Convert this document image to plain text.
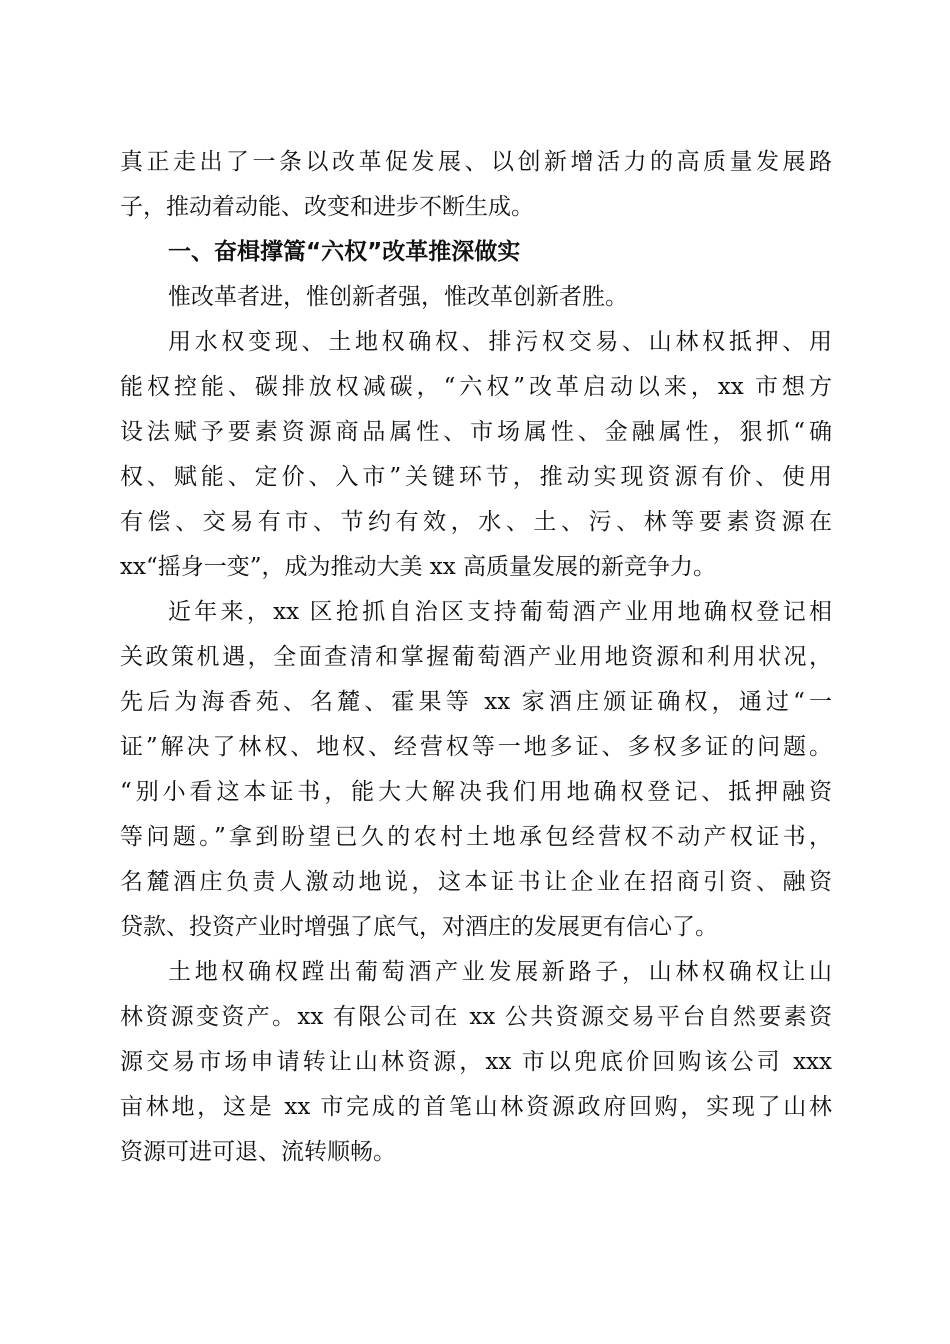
真正走出了一条以改革促发展、以创新增活力的高质量发展路
子，推动着动能、改变和进步不断生成。
一、奋楫撑篙“六权”改革推深做实
惟改革者进，惟创新者强，惟改革创新者胜。
用水权变现、土地权确权、排污权交易、山林权抵押、用
能权控能、碳排放权减碳，“六权”改革启动以来，xx 市想方
设法赋予要素资源商品属性、市场属性、金融属性，狠抓“确
权、赋能、定价、入市”关键环节，推动实现资源有价、使用
有偿、交易有市、节约有效，水、土、污、林等要素资源在
xx“摇身一变”，成为推动大美 xx 高质量发展的新竞争力。
近年来，xx 区抢抓自治区支持葡萄酒产业用地确权登记相
关政策机遇，全面查清和掌握葡萄酒产业用地资源和利用状况，
先后为海香苑、名麓、霍果等 xx 家酒庄颁证确权，通过“一
证”解决了林权、地权、经营权等一地多证、多权多证的问题。
“别小看这本证书，能大大解决我们用地确权登记、抵押融资
等问题。”拿到盼望已久的农村土地承包经营权不动产权证书，
名麓酒庄负责人激动地说，这本证书让企业在招商引资、融资
贷款、投资产业时增强了底气，对酒庄的发展更有信心了。
土地权确权蹚出葡萄酒产业发展新路子，山林权确权让山
林资源变资产。xx 有限公司在 xx 公共资源交易平台自然要素资
源交易市场申请转让山林资源，xx 市以兜底价回购该公司 xxx
亩林地，这是 xx 市完成的首笔山林资源政府回购，实现了山林
资源可进可退、流转顺畅。
